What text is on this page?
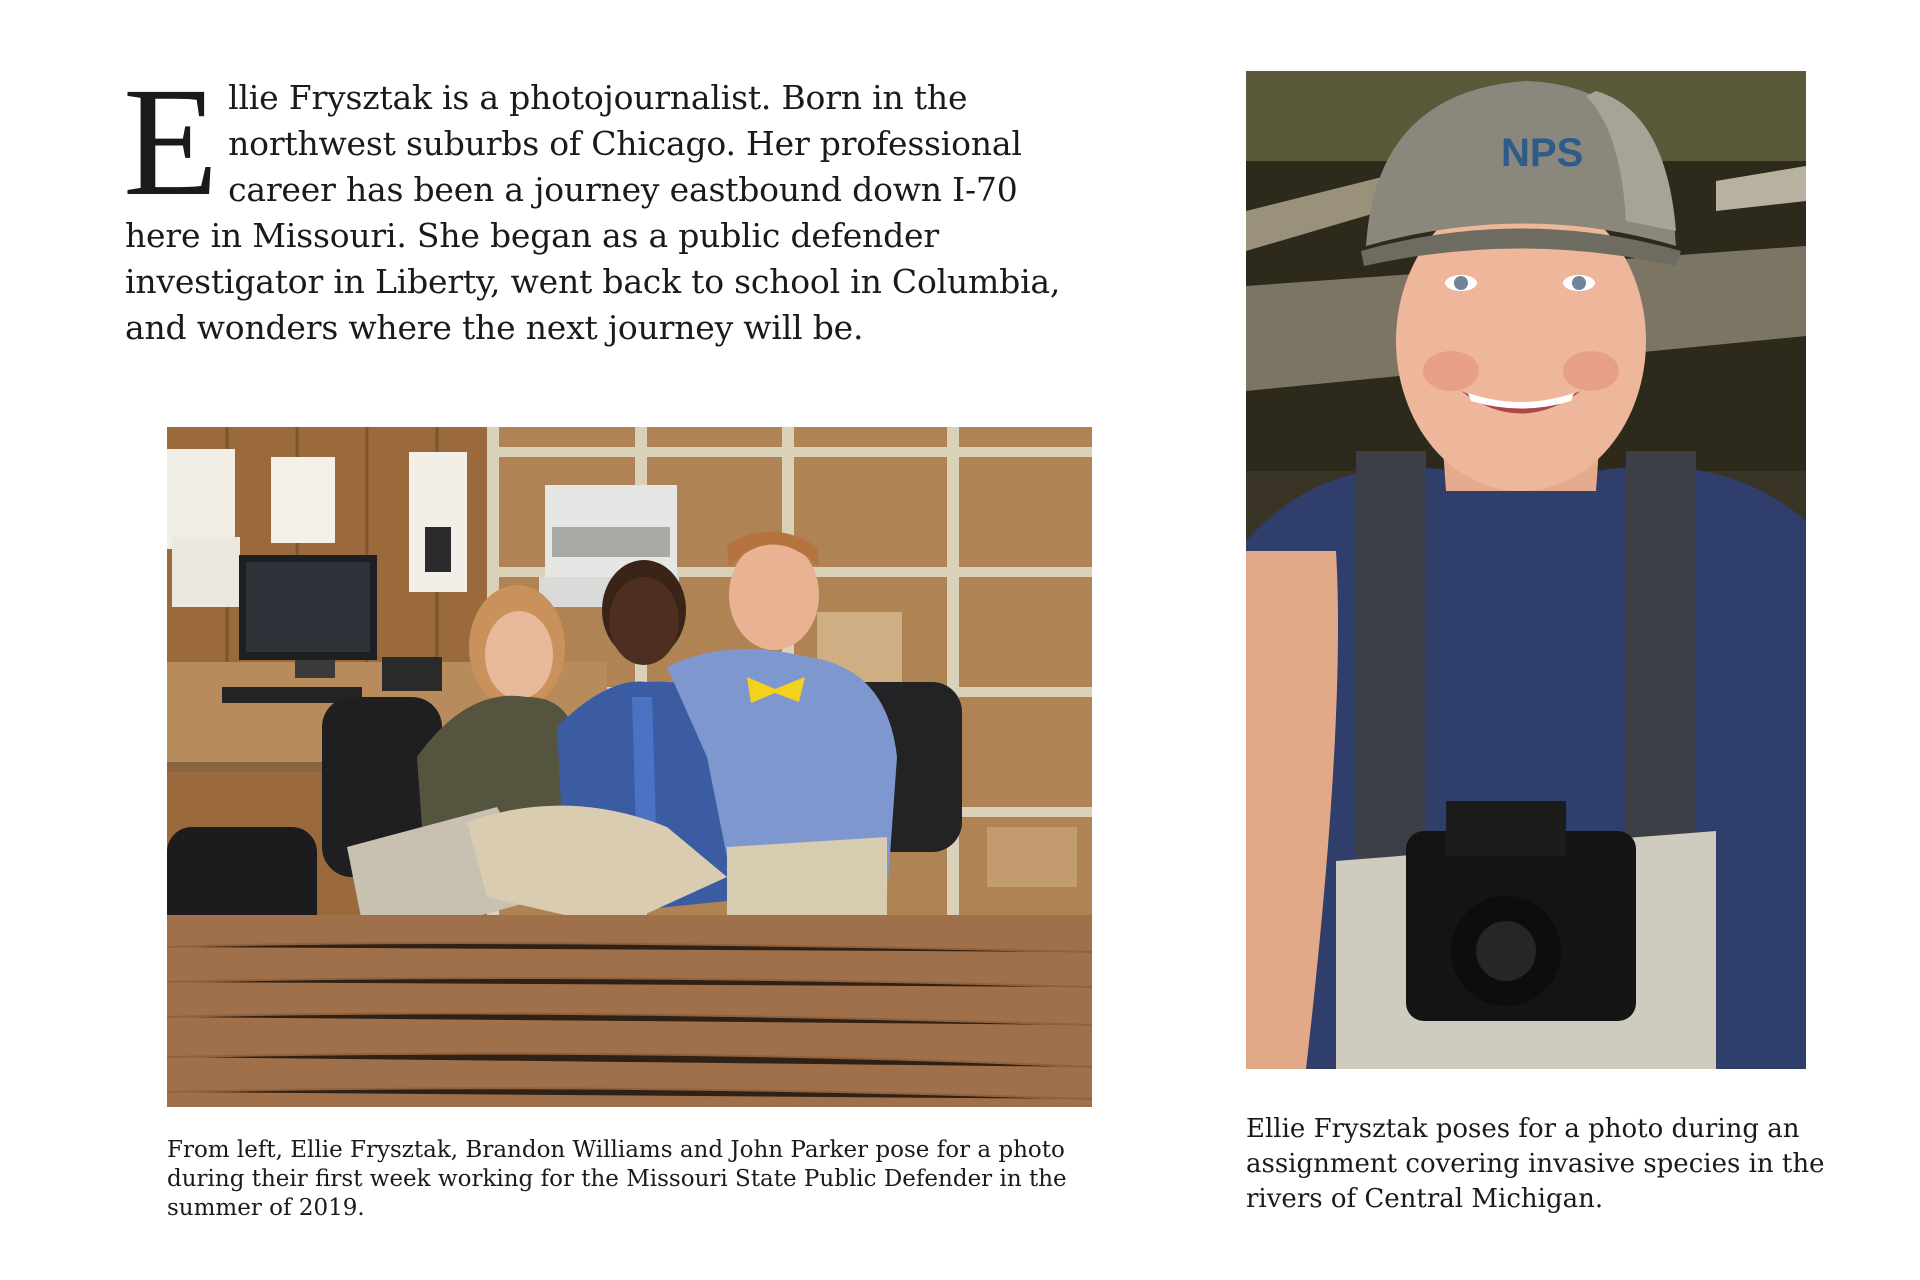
Ellie Frysztak is a photojournalist. Born in the northwest suburbs of Chicago. Her professional career has been a journey eastbound down I-70 here in Missouri. She began as a public defender investigator in Liberty, went back to school in Columbia, and wonders where the next journey will be.

NPS

From left, Ellie Frysztak, Brandon Williams and John Parker pose for a photo during their first week working for the Missouri State Public Defender in the summer of 2019.

Ellie Frysztak poses for a photo during an assignment covering invasive species in the rivers of Central Michigan.
